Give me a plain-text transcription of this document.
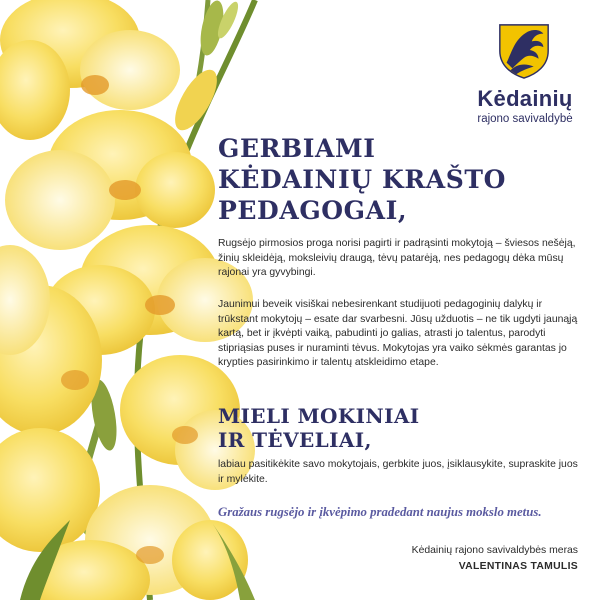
Kėdainių
rajono savivaldybė
GERBIAMI
KĖDAINIŲ KRAŠTO
PEDAGOGAI,
Rugsėjo pirmosios proga norisi pagirti ir padrąsinti mokytoją – šviesos nešėją, žinių skleidėją, moksleivių draugą, tėvų patarėją, nes pedagogų dėka mūsų rajonai yra gyvybingi.
Jaunimui beveik visiškai nebesirenkant studijuoti pedagoginių dalykų ir trūkstant mokytojų – esate dar svarbesni. Jūsų užduotis – ne tik ugdyti jaunąją kartą, bet ir įkvėpti vaiką, pabudinti jo galias, atrasti jo talentus, parodyti stipriąsias puses ir nuraminti tėvus. Mokytojas yra vaiko sėkmės garantas jo krypties pasirinkimo ir talentų atskleidimo etape.
MIELI MOKINIAI
IR TĖVELIAI,
labiau pasitikėkite savo mokytojais, gerbkite juos, įsiklausykite, supraskite juos ir mylėkite.
Gražaus rugsėjo ir įkvėpimo pradedant naujus mokslo metus.
Kėdainių rajono savivaldybės meras
VALENTINAS TAMULIS
